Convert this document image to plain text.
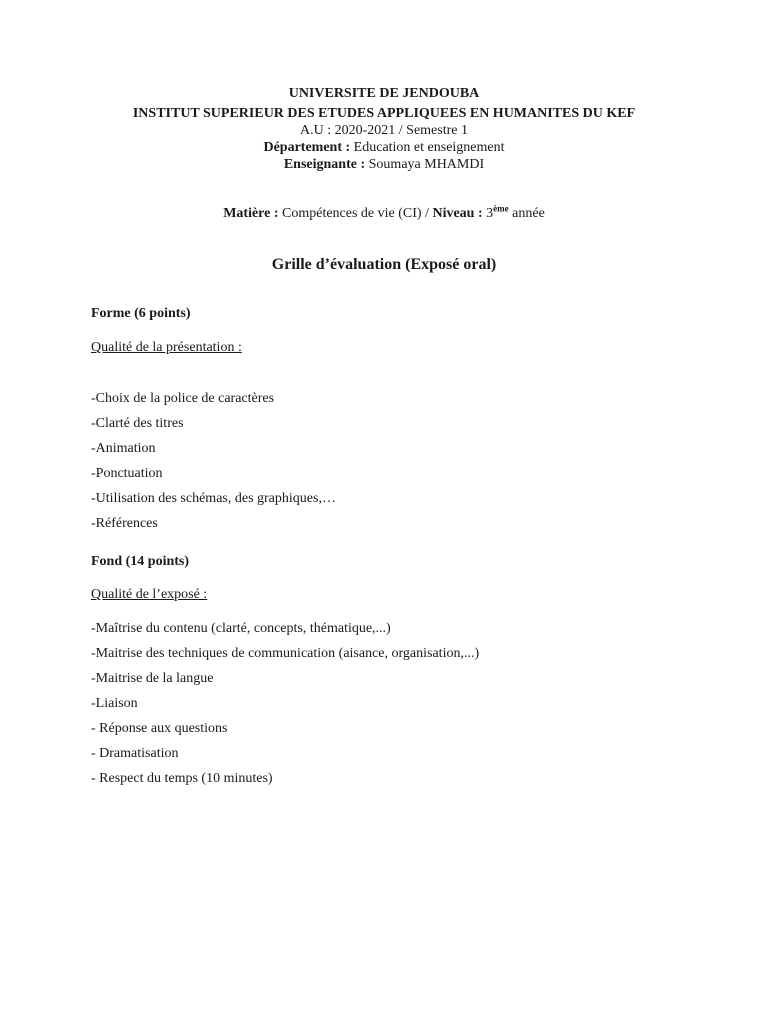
UNIVERSITE DE JENDOUBA
INSTITUT SUPERIEUR DES ETUDES APPLIQUEES EN HUMANITES DU KEF
A.U : 2020-2021 / Semestre 1
Département : Education et enseignement
Enseignante : Soumaya MHAMDI
Matière : Compétences de vie (CI) / Niveau : 3ème année
Grille d’évaluation (Exposé oral)
Forme (6 points)
Qualité de la présentation :
-Choix de la police de caractères
-Clarté des titres
-Animation
-Ponctuation
-Utilisation des schémas, des graphiques,…
-Références
Fond (14 points)
Qualité de l’exposé :
-Maîtrise du contenu (clarté, concepts, thématique,...)
-Maitrise des techniques de communication (aisance, organisation,...)
-Maitrise de la langue
-Liaison
- Réponse aux questions
- Dramatisation
- Respect du temps (10 minutes)
